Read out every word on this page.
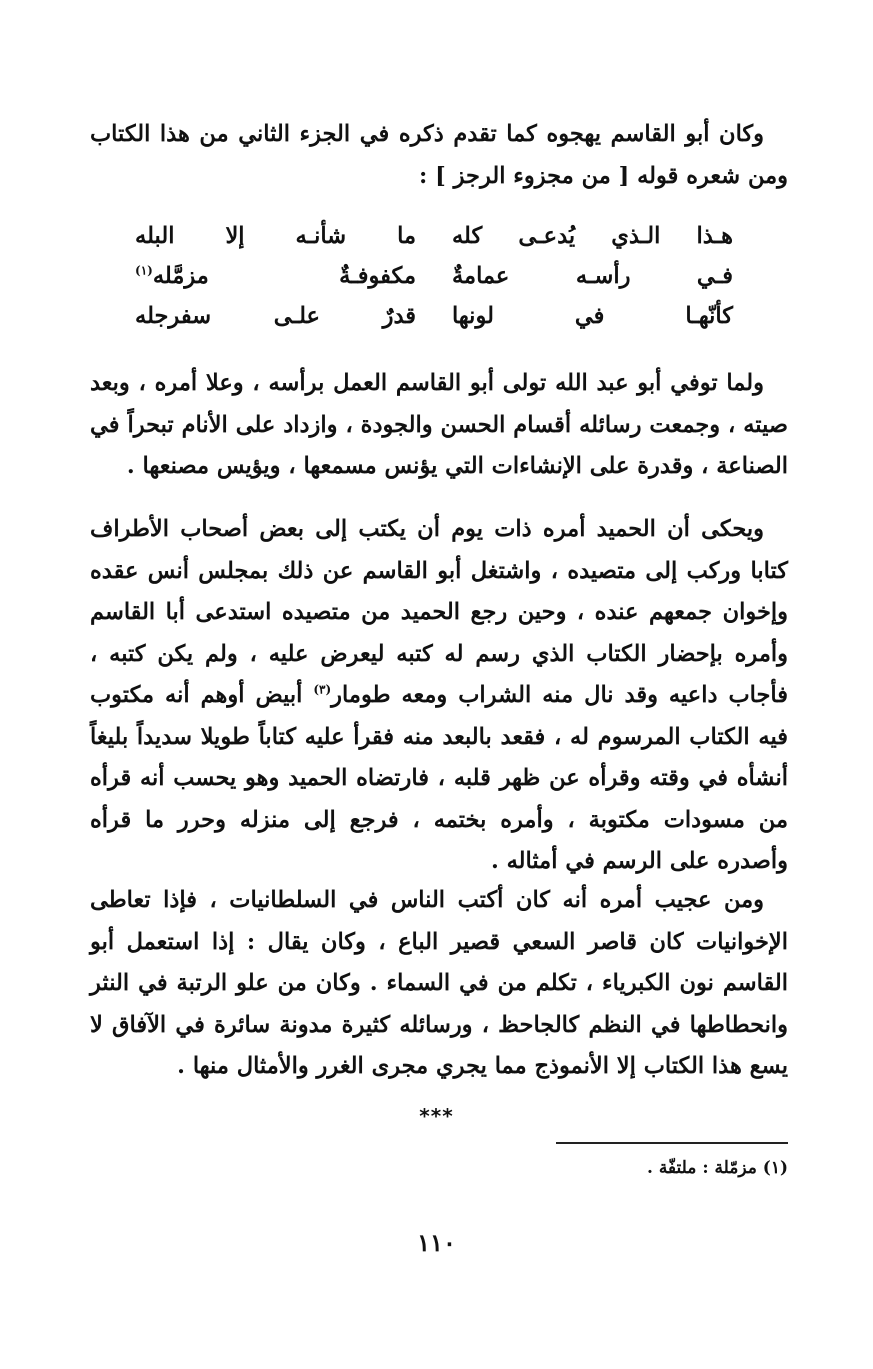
وكان أبو القاسم يهجوه كما تقدم ذكره في الجزء الثاني من هذا الكتاب ومن شعره قوله [ من مجزوء الرجز ] :

هـذا
الـذي
يُدعـى
كله
ما
شأنـه
إلا
البله
فـي
رأسـه
عمامةٌ
مكفوفـةٌ
مزمَّله$^{(١)}$
كأنّهـا
في
لونها
قدرٌ
علـى
سفرجله

ولما توفي أبو عبد الله تولى أبو القاسم العمل برأسه ، وعلا أمره ، وبعد صيته ، وجمعت رسائله أقسام الحسن والجودة ، وازداد على الأنام تبحراً في الصناعة ، وقدرة على الإنشاءات التي يؤنس مسمعها ، ويؤيس مصنعها .

ويحكى أن الحميد أمره ذات يوم أن يكتب إلى بعض أصحاب الأطراف كتابا وركب إلى متصيده ، واشتغل أبو القاسم عن ذلك بمجلس أنس عقده وإخوان جمعهم عنده ، وحين رجع الحميد من متصيده استدعى أبا القاسم وأمره بإحضار الكتاب الذي رسم له كتبه ليعرض عليه ، ولم يكن كتبه ، فأجاب داعيه وقد نال منه الشراب ومعه طومار$^{(٣)}$ أبيض أوهم أنه مكتوب فيه الكتاب المرسوم له ، فقعد بالبعد منه فقرأ عليه كتاباً طويلا سديداً بليغاً أنشأه في وقته وقرأه عن ظهر قلبه ، فارتضاه الحميد وهو يحسب أنه قرأه من مسودات مكتوبة ، وأمره بختمه ، فرجع إلى منزله وحرر ما قرأه وأصدره على الرسم في أمثاله .

ومن عجيب أمره أنه كان أكتب الناس في السلطانيات ، فإذا تعاطى الإخوانيات كان قاصر السعي قصير الباع ، وكان يقال : إذا استعمل أبو القاسم نون الكبرياء ، تكلم من في السماء . وكان من علو الرتبة في النثر وانحطاطها في النظم كالجاحظ ، ورسائله كثيرة مدونة سائرة في الآفاق لا يسع هذا الكتاب إلا الأنموذج مما يجري مجرى الغرر والأمثال منها .

***
(١) مزمّلة : ملتفّة .
١١٠
